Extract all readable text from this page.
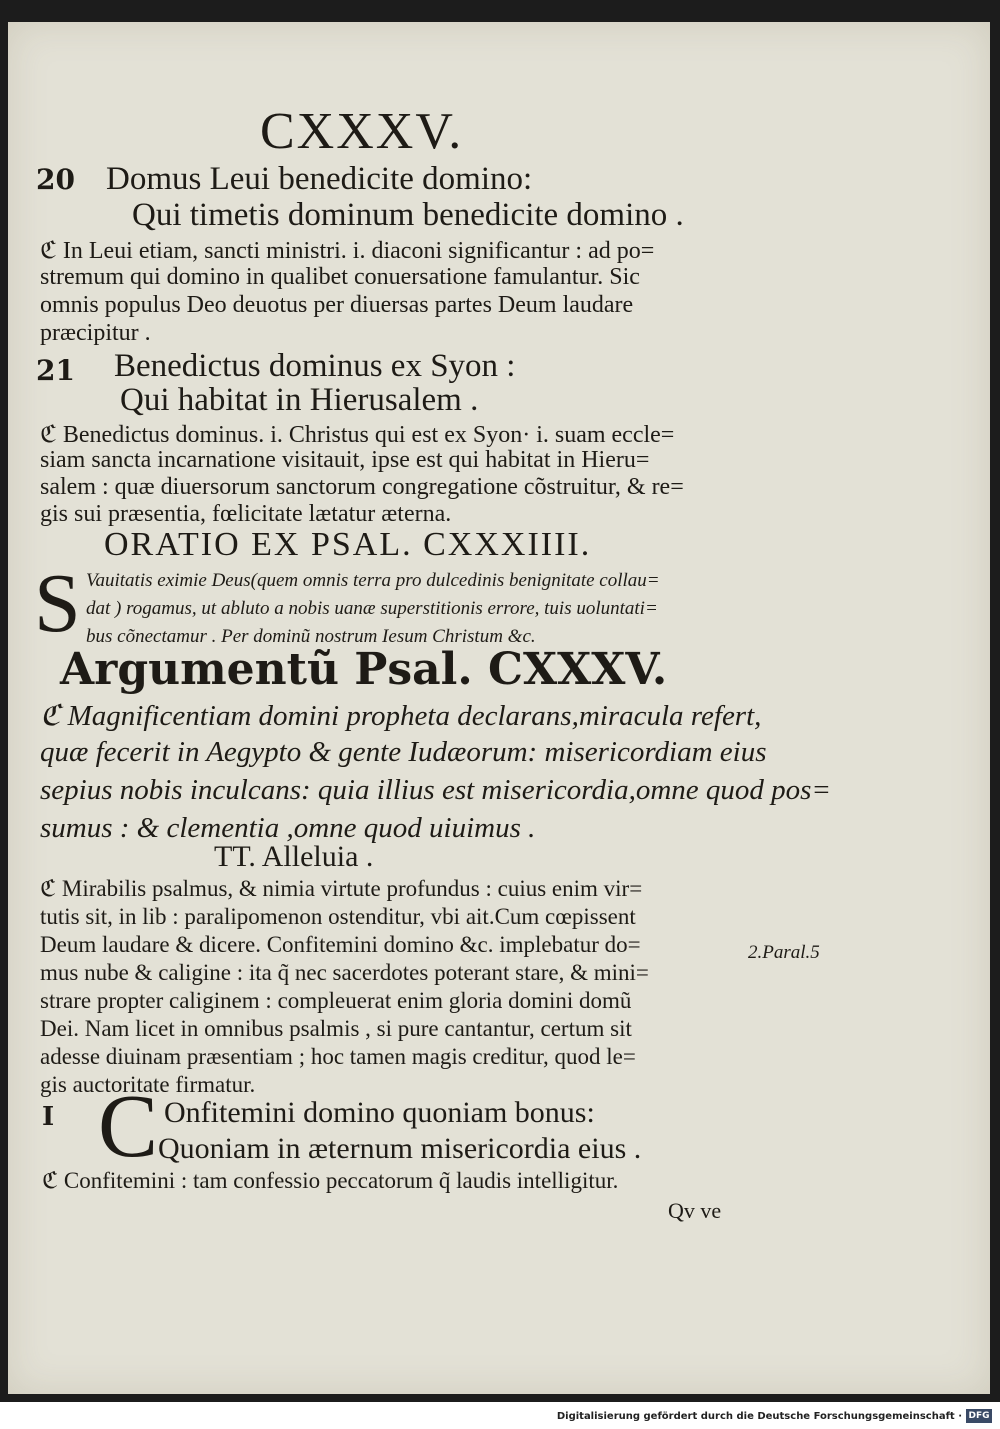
CXXXV.
20 Domus Leui benedicite domino:
Qui timetis dominum benedicite domino .
ℭ In Leui etiam, sancti ministri. i. diaconi significantur : ad po=
stremum qui domino in qualibet conuersatione famulantur. Sic
omnis populus Deo deuotus per diuersas partes Deum laudare
præcipitur .
21 Benedictus dominus ex Syon :
Qui habitat in Hierusalem .
ℭ Benedictus dominus. i. Christus qui est ex Syon· i. suam eccle=
siam sancta incarnatione visitauit, ipse est qui habitat in Hieru=
salem : quæ diuersorum sanctorum congregatione cõstruitur, & re=
gis sui præsentia, fœlicitate lætatur æterna.
ORATIO EX PSAL. CXXXIIII.
S Vauitatis eximie Deus(quem omnis terra pro dulcedinis benignitate collau=
dat ) rogamus, ut abluto a nobis uanæ superstitionis errore, tuis uoluntati=
bus cõnectamur . Per dominũ nostrum Iesum Christum &c.
Argumentũ Psal. CXXXV.
ℭ Magnificentiam domini propheta declarans,miracula refert,
quæ fecerit in Aegypto & gente Iudæorum: misericordiam eius
sepius nobis inculcans: quia illius est misericordia,omne quod pos=
sumus : & clementia ,omne quod uiuimus .
TT. Alleluia .
ℭ Mirabilis psalmus, & nimia virtute profundus : cuius enim vir=
tutis sit, in lib : paralipomenon ostenditur, vbi ait.Cum cœpissent
Deum laudare & dicere. Confitemini domino &c. implebatur do=
mus nube & caligine : ita q̃ nec sacerdotes poterant stare, & mini=
strare propter caliginem : compleuerat enim gloria domini domũ
Dei. Nam licet in omnibus psalmis , si pure cantantur, certum sit
adesse diuinam præsentiam ; hoc tamen magis creditur, quod le=
gis auctoritate firmatur.
2.Paral.5
I C Onfitemini domino quoniam bonus:
Quoniam in æternum misericordia eius .
ℭ Confitemini : tam confessio peccatorum q̃ laudis intelligitur.
Qv ve
Digitalisierung gefördert durch die Deutsche Forschungsgemeinschaft · DFG
